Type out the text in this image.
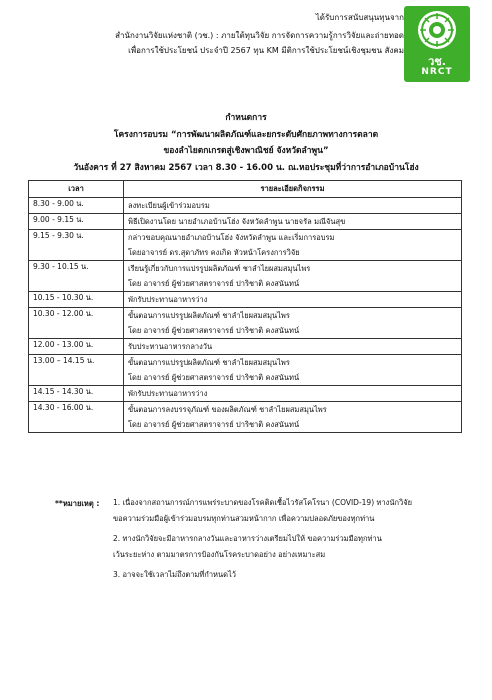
ได้รับการสนับสนุนทุนจาก
สำนักงานวิจัยแห่งชาติ (วช.) : ภายใต้ทุนวิจัย การจัดการความรู้การวิจัยและถ่ายทอด
เพื่อการใช้ประโยชน์ ประจำปี 2567 ทุน KM มีติการใช้ประโยชน์เชิงชุมชน สังคม
วช.
NRCT
กำหนดการ
โครงการอบรม “การพัฒนาผลิตภัณฑ์และยกระดับศักยภาพทางการตลาด
ของลำไยตกเกรดสู่เชิงพาณิชย์ จังหวัดลำพูน”
วันอังคาร ที่ 27 สิงหาคม 2567 เวลา 8.30 - 16.00 น. ณ.หอประชุมที่ว่าการอำเภอบ้านโฮ่ง
เวลา	รายละเอียดกิจกรรม
8.30 - 9.00 น.	ลงทะเบียนผู้เข้าร่วมอบรม

9.00 - 9.15 น.	พิธีเปิดงานโดย นายอำเภอบ้านโฮ่ง จังหวัดลำพูน นายจรัล มณีจันสุข

9.15 - 9.30 น.	กล่าวขอบคุณนายอำเภอบ้านโฮ่ง จังหวัดลำพูน และเริ่มการอบรม
โดยอาจารย์ ดร.สุดาภัทร คงเกิด หัวหน้าโครงการวิจัย

9.30 - 10.15 น.	เรียนรู้เกี่ยวกับการแปรรูปผลิตภัณฑ์ ชาลำไยผสมสมุนไพร
โดย อาจารย์ ผู้ช่วยศาสตราจารย์ ปาริชาติ คงสนันทน์

10.15 - 10.30 น.	พักรับประทานอาหารว่าง

10.30 - 12.00 น.	ขั้นตอนการแปรรูปผลิตภัณฑ์ ชาลำไยผสมสมุนไพร
โดย อาจารย์ ผู้ช่วยศาสตราจารย์ ปาริชาติ คงสนันทน์

12.00 - 13.00 น.	รับประทานอาหารกลางวัน

13.00 – 14.15 น.	ขั้นตอนการแปรรูปผลิตภัณฑ์ ชาลำไยผสมสมุนไพร
โดย อาจารย์ ผู้ช่วยศาสตราจารย์ ปาริชาติ คงสนันทน์

14.15 - 14.30 น.	พักรับประทานอาหารว่าง

14.30 - 16.00 น.	ขั้นตอนการลงบรรจุภัณฑ์ ของผลิตภัณฑ์ ชาลำไยผสมสมุนไพร
โดย อาจารย์ ผู้ช่วยศาสตราจารย์ ปาริชาติ คงสนันทน์
**หมายเหตุ : 1. เนื่องจากสถานการณ์การแพร่ระบาดของโรคติดเชื้อไวรัสโคโรนา (COVID-19) ทางนักวิจัย
ขอความร่วมมือผู้เข้าร่วมอบรมทุกท่านสวมหน้ากาก เพื่อความปลอดภัยของทุกท่าน
2. ทางนักวิจัยจะมีอาหารกลางวันและอาหารว่างเตรียมไปให้ ขอความร่วมมือทุกท่าน
เว้นระยะห่าง ตามมาตรการป้องกันโรคระบาดอย่าง อย่างเหมาะสม
3. อาจจะใช้เวลาไม่ถึงตามที่กำหนดไว้
